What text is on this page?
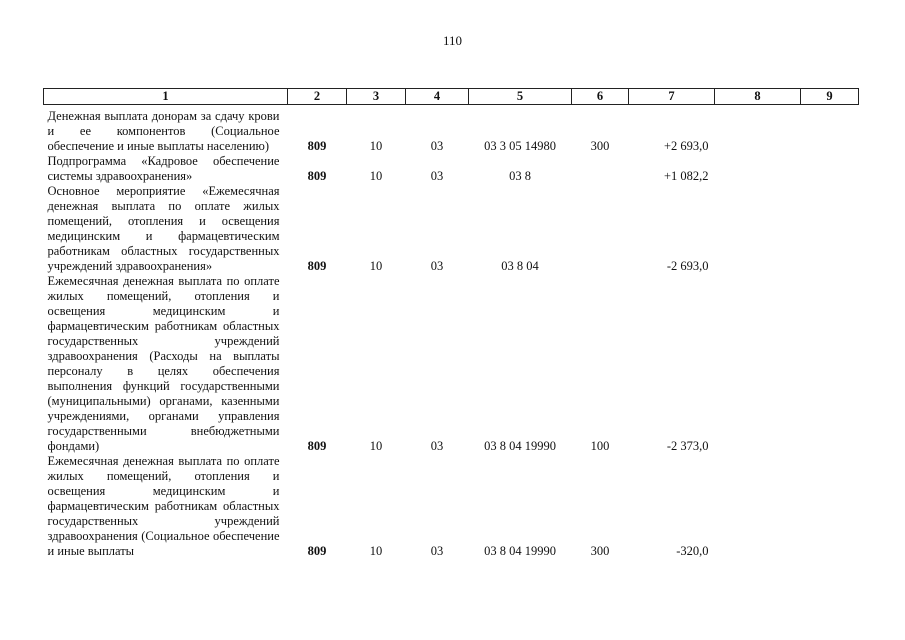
110
1	2	3	4	5	6	7	8	9
Денежная выплата донорам за сдачу крови и ее компонентов (Социальное обеспечение и иные выплаты населению)	809	10	03	03 3 05 14980	300	+2 693,0		
Подпрограмма «Кадровое обеспечение системы здравоохранения»	809	10	03	03 8		+1 082,2		
Основное мероприятие «Ежемесячная денежная выплата по оплате жилых помещений, отопления и освещения медицинским и фармацевтическим работникам областных государственных учреждений здравоохранения»	809	10	03	03 8 04		-2 693,0		
Ежемесячная денежная выплата по оплате жилых помещений, отопления и освещения медицинским и фармацевтическим работникам областных государственных учреждений здравоохранения (Расходы на выплаты персоналу в целях обеспечения выполнения функций государственными (муниципальными) органами, казенными учреждениями, органами управления государственными внебюджетными фондами)	809	10	03	03 8 04 19990	100	-2 373,0		
Ежемесячная денежная выплата по оплате жилых помещений, отопления и освещения медицинским и фармацевтическим работникам областных государственных учреждений здравоохранения (Социальное обеспечение и иные выплаты	809	10	03	03 8 04 19990	300	-320,0		
